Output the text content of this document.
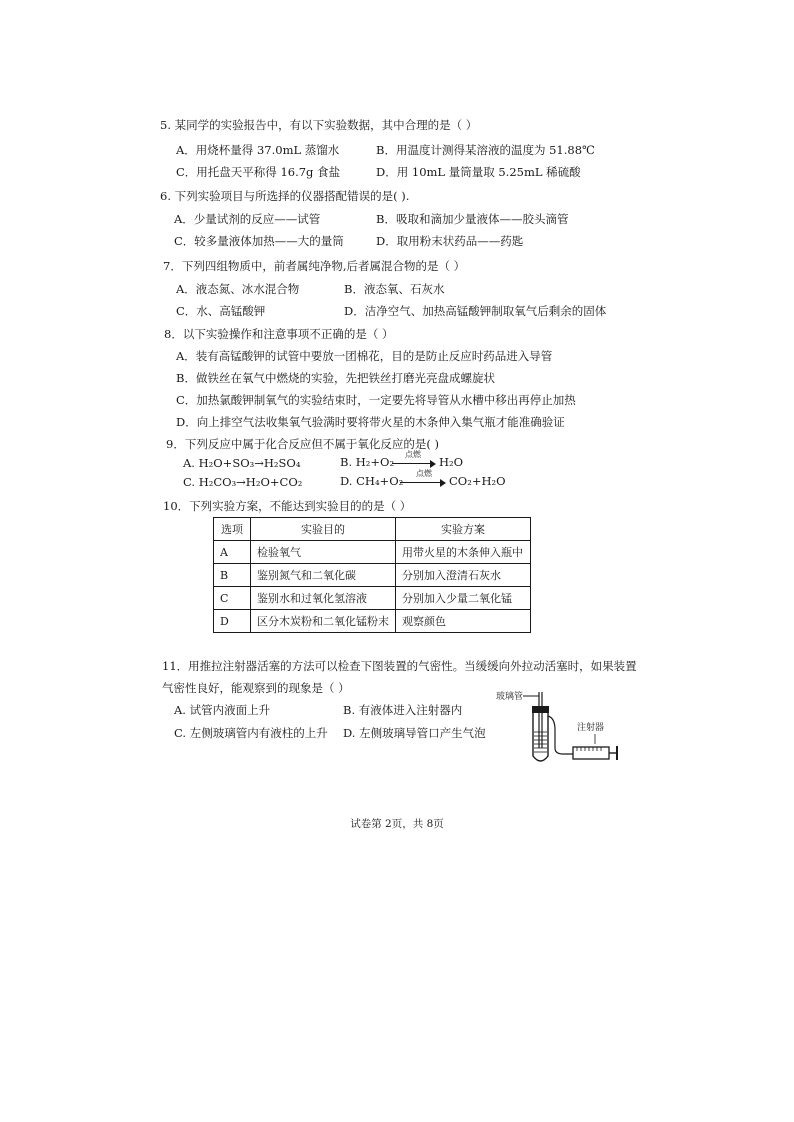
5. 某同学的实验报告中，有以下实验数据，其中合理的是（ ）
A．用烧杯量得 37.0mL 蒸馏水	B．用温度计测得某溶液的温度为 51.88℃
C．用托盘天平称得 16.7g 食盐	D．用 10mL 量筒量取 5.25mL 稀硫酸
6. 下列实验项目与所选择的仪器搭配错误的是( ).
A．少量试剂的反应——试管	B．吸取和滴加少量液体——胶头滴管
C．较多量液体加热——大的量筒	D．取用粉末状药品——药匙
7．下列四组物质中，前者属纯净物,后者属混合物的是（ ）
A．液态氮、冰水混合物	B．液态氧、石灰水
C．水、高锰酸钾	D．洁净空气、加热高锰酸钾制取氧气后剩余的固体
8．以下实验操作和注意事项不正确的是（ ）
A．装有高锰酸钾的试管中要放一团棉花，目的是防止反应时药品进入导管
B．做铁丝在氧气中燃烧的实验，先把铁丝打磨光亮盘成螺旋状
C．加热氯酸钾制氧气的实验结束时，一定要先将导管从水槽中移出再停止加热
D．向上排空气法收集氧气验满时要将带火星的木条伸入集气瓶才能准确验证
9．下列反应中属于化合反应但不属于氧化反应的是( )
A. H₂O+SO₃→H₂SO₄	B. H₂+O₂
点燃
H₂O
C. H₂CO₃→H₂O+CO₂	D. CH₄+O₂
点燃
CO₂+H₂O
10．下列实验方案，不能达到实验目的的是（ ）
选项	实验目的	实验方案
A	检验氧气	用带火星的木条伸入瓶中
B	鉴别氮气和二氧化碳	分别加入澄清石灰水
C	鉴别水和过氧化氢溶液	分别加入少量二氧化锰
D	区分木炭粉和二氧化锰粉末	观察颜色
11．用推拉注射器活塞的方法可以检查下图装置的气密性。当缓缓向外拉动活塞时，如果装置
气密性良好，能观察到的现象是（ ）
A. 试管内液面上升	B. 有液体进入注射器内
C. 左侧玻璃管内有液柱的上升 D. 左侧玻璃导管口产生气泡
玻璃管
注射器
试卷第 2页，共 8页
